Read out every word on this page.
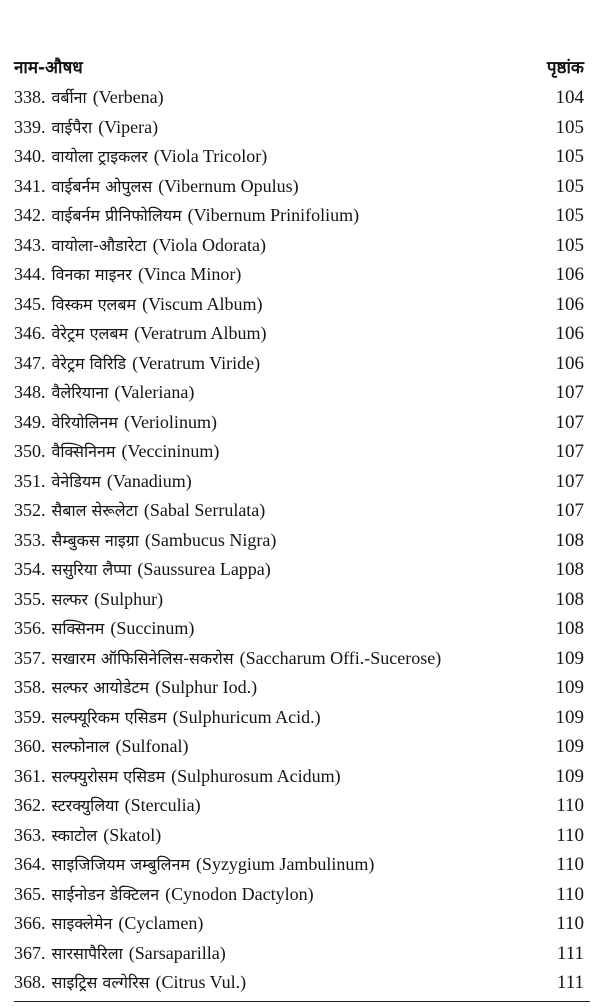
नाम-औषध	पृष्ठांक
338. वर्बीना (Verbena)	104
339. वाईपैरा (Vipera)	105
340. वायोला ट्राइकलर (Viola Tricolor)	105
341. वाईबर्नम ओपुलस (Vibernum Opulus)	105
342. वाईबर्नम प्रीनिफोलियम (Vibernum Prinifolium)	105
343. वायोला-औडारेटा (Viola Odorata)	105
344. विनका माइनर (Vinca Minor)	106
345. विस्कम एलबम (Viscum Album)	106
346. वेरेट्रम एलबम (Veratrum Album)	106
347. वेरेट्रम विरिडि (Veratrum Viride)	106
348. वैलेरियाना (Valeriana)	107
349. वेरियोलिनम (Veriolinum)	107
350. वैक्सिनिनम (Veccininum)	107
351. वेनेडियम (Vanadium)	107
352. सैबाल सेरूलेटा (Sabal Serrulata)	107
353. सैम्बुकस नाइग्रा (Sambucus Nigra)	108
354. ससुरिया लैप्पा (Saussurea Lappa)	108
355. सल्फर (Sulphur)	108
356. सक्सिनम (Succinum)	108
357. सखारम ऑफिसिनेलिस-सकरोस (Saccharum Offi.-Sucerose)	109
358. सल्फर आयोडेटम (Sulphur Iod.)	109
359. सल्फ्यूरिकम एसिडम (Sulphuricum Acid.)	109
360. सल्फोनाल (Sulfonal)	109
361. सल्फ्युरोसम एसिडम (Sulphurosum Acidum)	109
362. स्टरक्युलिया (Sterculia)	110
363. स्काटोल (Skatol)	110
364. साइजिजियम जम्बुलिनम (Syzygium Jambulinum)	110
365. साईनोडन डेक्टिलन (Cynodon Dactylon)	110
366. साइक्लेमेन (Cyclamen)	110
367. सारसापैरिला (Sarsaparilla)	111
368. साइट्रिस वल्गेरिस (Citrus Vul.)	111
